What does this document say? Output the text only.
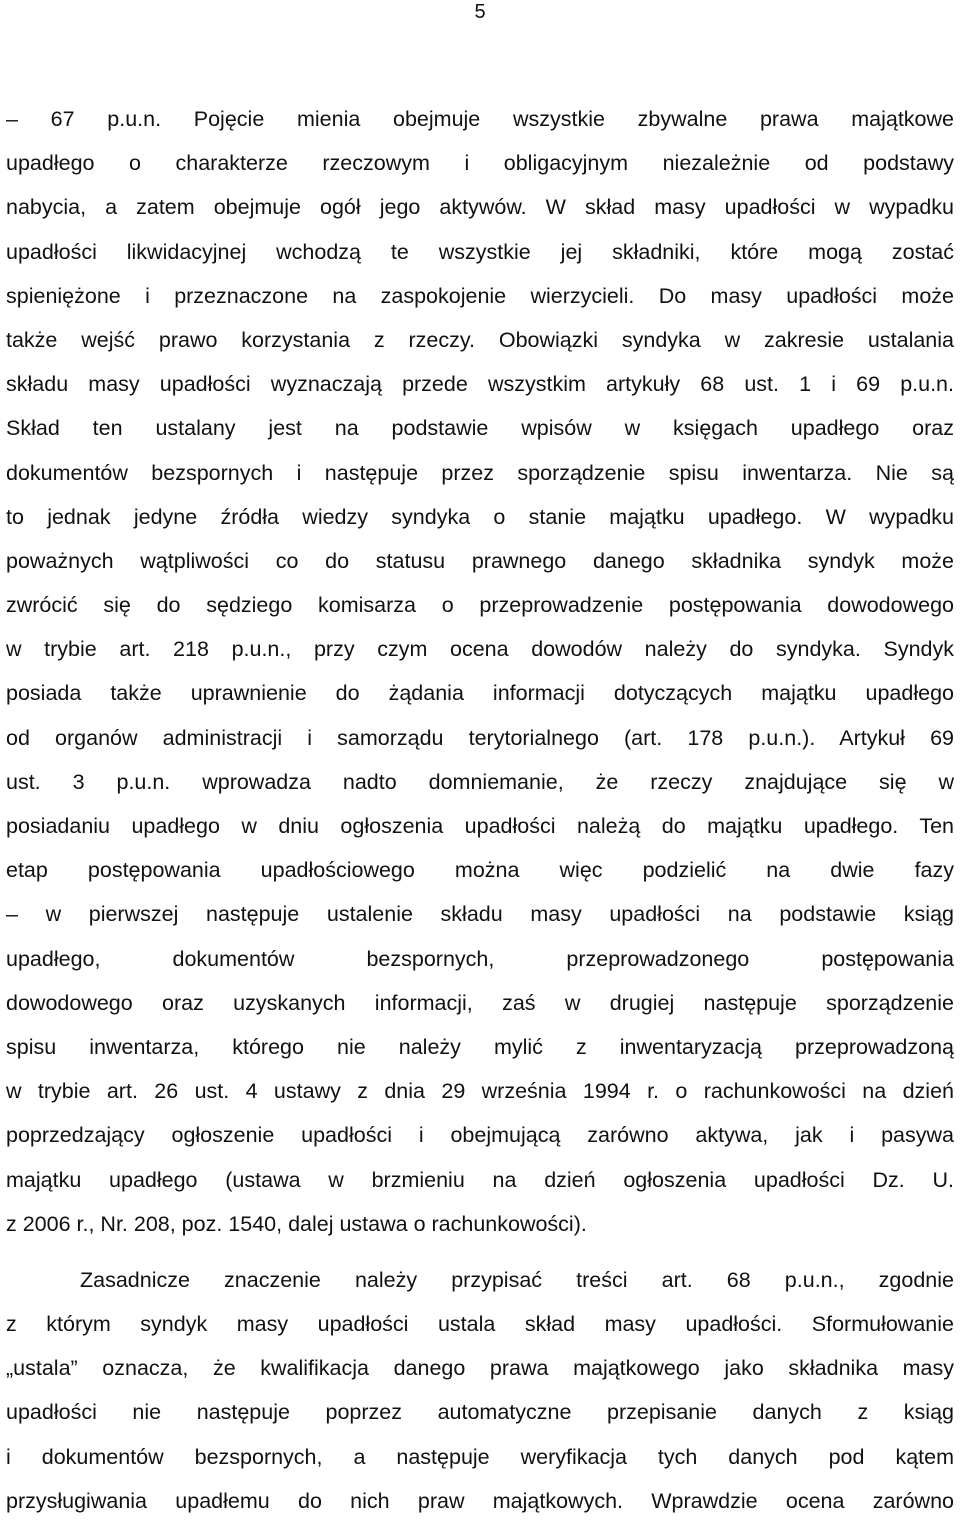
5
– 67 p.u.n. Pojęcie mienia obejmuje wszystkie zbywalne prawa majątkowe
upadłego o charakterze rzeczowym i obligacyjnym niezależnie od podstawy
nabycia, a zatem obejmuje ogół jego aktywów. W skład masy upadłości w wypadku
upadłości likwidacyjnej wchodzą te wszystkie jej składniki, które mogą zostać
spieniężone i przeznaczone na zaspokojenie wierzycieli. Do masy upadłości może
także wejść prawo korzystania z rzeczy. Obowiązki syndyka w zakresie ustalania
składu masy upadłości wyznaczają przede wszystkim artykuły 68 ust. 1 i 69 p.u.n.
Skład ten ustalany jest na podstawie wpisów w księgach upadłego oraz
dokumentów bezspornych i następuje przez sporządzenie spisu inwentarza. Nie są
to jednak jedyne źródła wiedzy syndyka o stanie majątku upadłego. W wypadku
poważnych wątpliwości co do statusu prawnego danego składnika syndyk może
zwrócić się do sędziego komisarza o przeprowadzenie postępowania dowodowego
w trybie art. 218 p.u.n., przy czym ocena dowodów należy do syndyka. Syndyk
posiada także uprawnienie do żądania informacji dotyczących majątku upadłego
od organów administracji i samorządu terytorialnego (art. 178 p.u.n.). Artykuł 69
ust. 3 p.u.n. wprowadza nadto domniemanie, że rzeczy znajdujące się w
posiadaniu upadłego w dniu ogłoszenia upadłości należą do majątku upadłego. Ten
etap postępowania upadłościowego można więc podzielić na dwie fazy
– w pierwszej następuje ustalenie składu masy upadłości na podstawie ksiąg
upadłego, dokumentów bezspornych, przeprowadzonego postępowania
dowodowego oraz uzyskanych informacji, zaś w drugiej następuje sporządzenie
spisu inwentarza, którego nie należy mylić z inwentaryzacją przeprowadzoną
w trybie art. 26 ust. 4 ustawy z dnia 29 września 1994 r. o rachunkowości na dzień
poprzedzający ogłoszenie upadłości i obejmującą zarówno aktywa, jak i pasywa
majątku upadłego (ustawa w brzmieniu na dzień ogłoszenia upadłości Dz. U.
z 2006 r., Nr. 208, poz. 1540, dalej ustawa o rachunkowości).
Zasadnicze znaczenie należy przypisać treści art. 68 p.u.n., zgodnie
z którym syndyk masy upadłości ustala skład masy upadłości. Sformułowanie
„ustala” oznacza, że kwalifikacja danego prawa majątkowego jako składnika masy
upadłości nie następuje poprzez automatyczne przepisanie danych z ksiąg
i dokumentów bezspornych, a następuje weryfikacja tych danych pod kątem
przysługiwania upadłemu do nich praw majątkowych. Wprawdzie ocena zarówno
